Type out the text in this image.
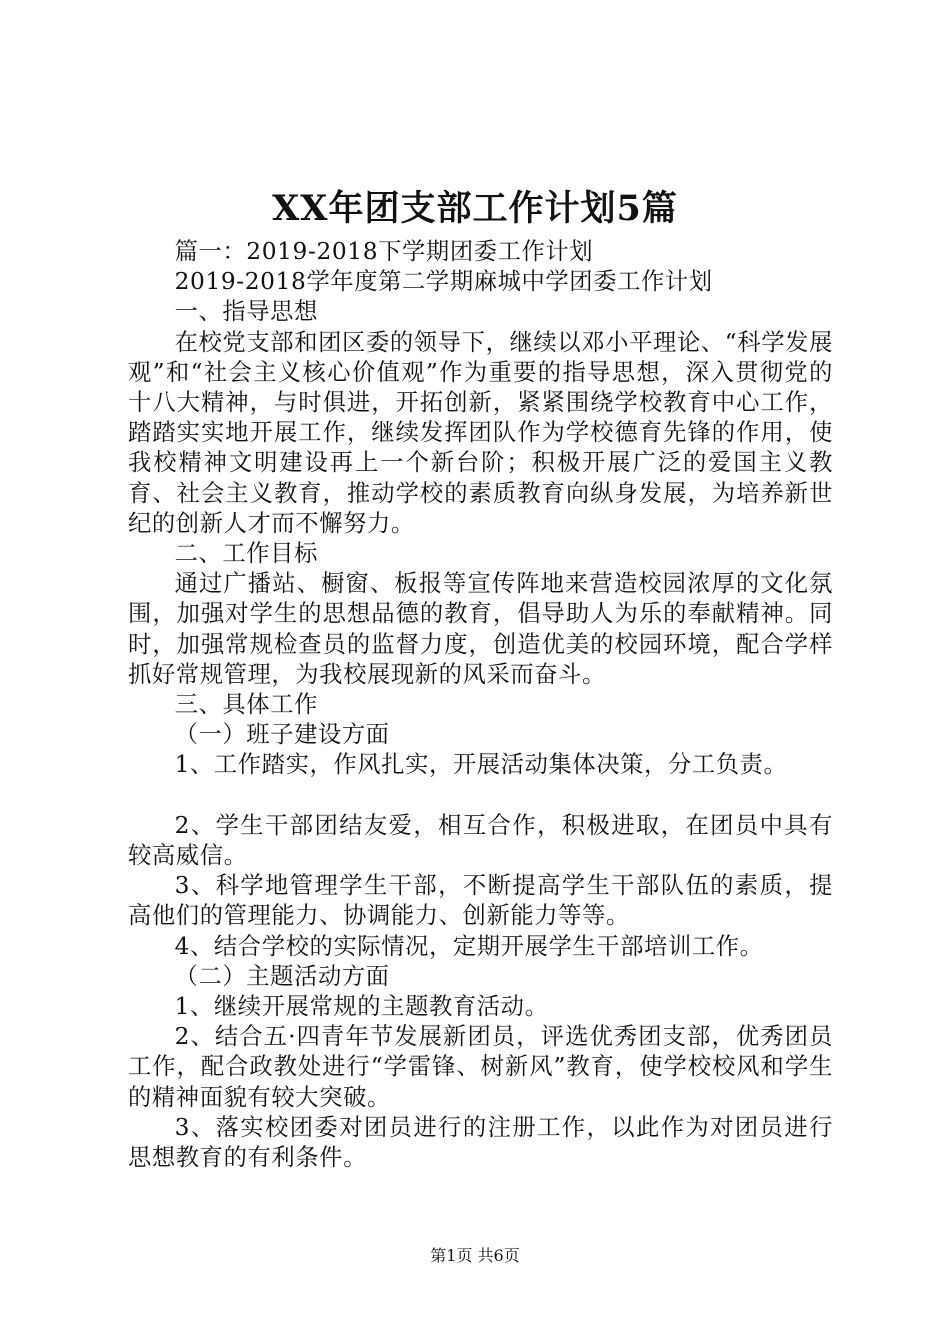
XX年团支部工作计划5篇

篇一：2019-2018下学期团委工作计划

2019-2018学年度第二学期麻城中学团委工作计划

一、指导思想

在校党支部和团区委的领导下，继续以邓小平理论、“科学发展观”和“社会主义核心价值观”作为重要的指导思想，深入贯彻党的十八大精神，与时俱进，开拓创新，紧紧围绕学校教育中心工作，踏踏实实地开展工作，继续发挥团队作为学校德育先锋的作用，使我校精神文明建设再上一个新台阶；积极开展广泛的爱国主义教育、社会主义教育，推动学校的素质教育向纵身发展，为培养新世纪的创新人才而不懈努力。

二、工作目标

通过广播站、橱窗、板报等宣传阵地来营造校园浓厚的文化氛围，加强对学生的思想品德的教育，倡导助人为乐的奉献精神。同时，加强常规检查员的监督力度，创造优美的校园环境，配合学样抓好常规管理，为我校展现新的风采而奋斗。

三、具体工作

（一）班子建设方面

1、工作踏实，作风扎实，开展活动集体决策，分工负责。

2、学生干部团结友爱，相互合作，积极进取，在团员中具有较高威信。

3、科学地管理学生干部，不断提高学生干部队伍的素质，提高他们的管理能力、协调能力、创新能力等等。

4、结合学校的实际情况，定期开展学生干部培训工作。

（二）主题活动方面

1、继续开展常规的主题教育活动。

2、结合五·四青年节发展新团员，评选优秀团支部，优秀团员工作，配合政教处进行“学雷锋、树新风”教育，使学校校风和学生的精神面貌有较大突破。

3、落实校团委对团员进行的注册工作，以此作为对团员进行思想教育的有利条件。

第1页 共6页
